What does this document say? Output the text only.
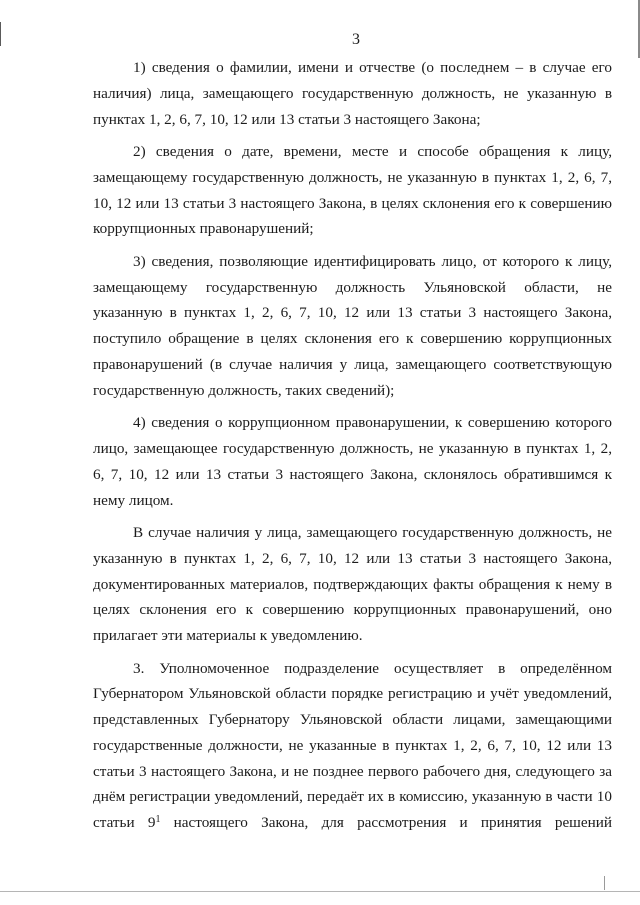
3

1) сведения о фамилии, имени и отчестве (о последнем – в случае его наличия) лица, замещающего государственную должность, не указанную в пунктах 1, 2, 6, 7, 10, 12 или 13 статьи 3 настоящего Закона;

2) сведения о дате, времени, месте и способе обращения к лицу, замещающему государственную должность, не указанную в пунктах 1, 2, 6, 7, 10, 12 или 13 статьи 3 настоящего Закона, в целях склонения его к совершению коррупционных правонарушений;

3) сведения, позволяющие идентифицировать лицо, от которого к лицу, замещающему государственную должность Ульяновской области, не указанную в пунктах 1, 2, 6, 7, 10, 12 или 13 статьи 3 настоящего Закона, поступило обращение в целях склонения его к совершению коррупционных правонарушений (в случае наличия у лица, замещающего соответствующую государственную должность, таких сведений);

4) сведения о коррупционном правонарушении, к совершению которого лицо, замещающее государственную должность, не указанную в пунктах 1, 2, 6, 7, 10, 12 или 13 статьи 3 настоящего Закона, склонялось обратившимся к нему лицом.

В случае наличия у лица, замещающего государственную должность, не указанную в пунктах 1, 2, 6, 7, 10, 12 или 13 статьи 3 настоящего Закона, документированных материалов, подтверждающих факты обращения к нему в целях склонения его к совершению коррупционных правонарушений, оно прилагает эти материалы к уведомлению.

3. Уполномоченное подразделение осуществляет в определённом Губернатором Ульяновской области порядке регистрацию и учёт уведомлений, представленных Губернатору Ульяновской области лицами, замещающими государственные должности, не указанные в пунктах 1, 2, 6, 7, 10, 12 или 13 статьи 3 настоящего Закона, и не позднее первого рабочего дня, следующего за днём регистрации уведомлений, передаёт их в комиссию, указанную в части 10 статьи $9^1$ настоящего Закона, для рассмотрения и принятия решений
